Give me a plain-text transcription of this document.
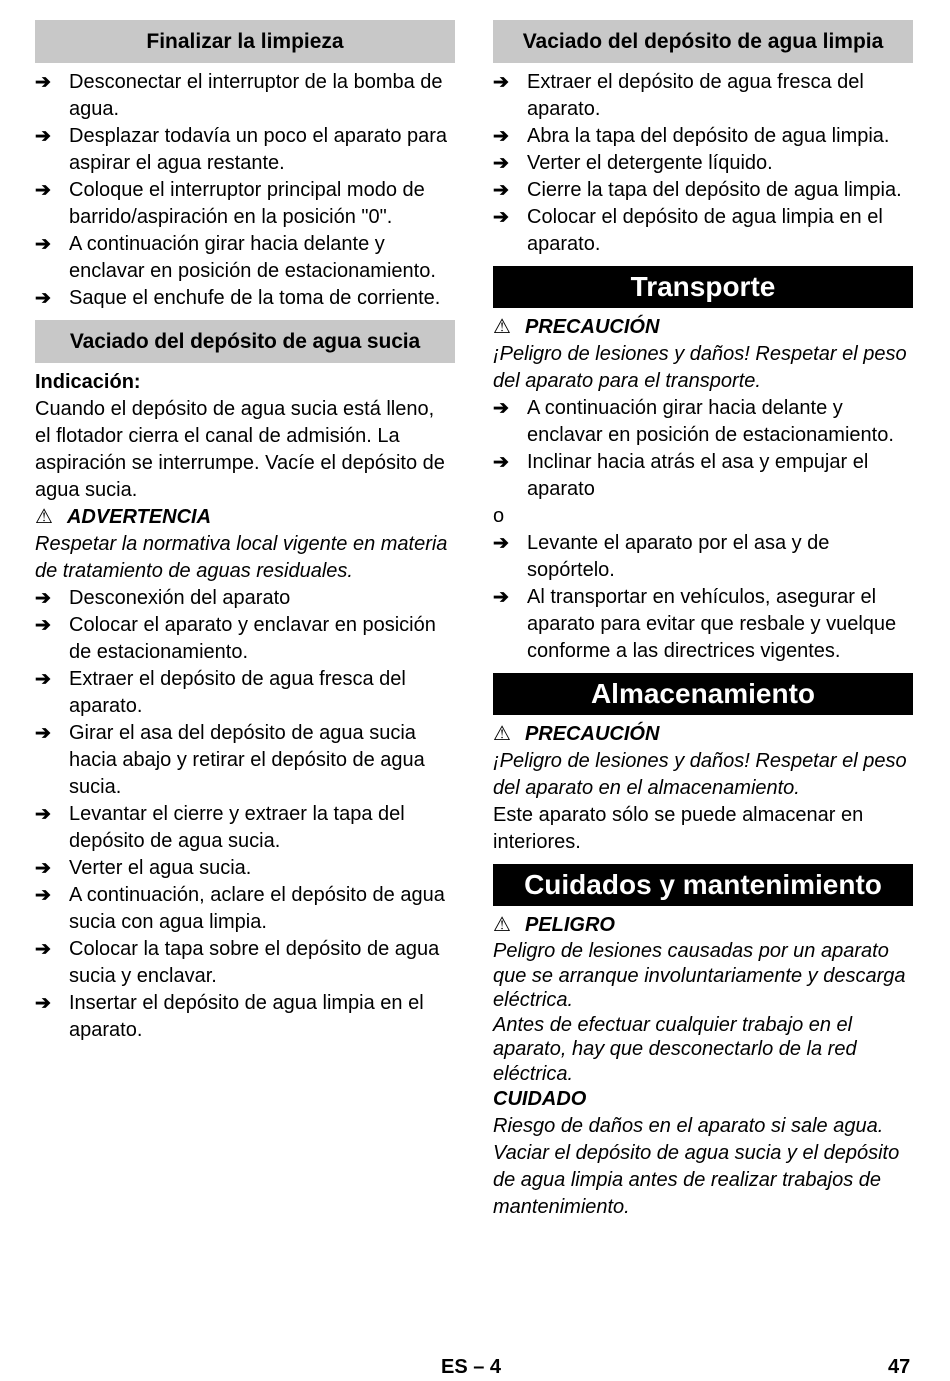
Finalizar la limpieza
➔ Desconectar el interruptor de la bomba de agua.
➔ Desplazar todavía un poco el aparato para aspirar el agua restante.
➔ Coloque el interruptor principal modo de barrido/aspiración en la posición "0".
➔ A continuación girar hacia delante y enclavar en posición de estacionamiento.
➔ Saque el enchufe de la toma de corriente.
Vaciado del depósito de agua sucia
Indicación:
Cuando el depósito de agua sucia está lleno, el flotador cierra el canal de admisión. La aspiración se interrumpe. Vacíe el depósito de agua sucia.
⚠ ADVERTENCIA
Respetar la normativa local vigente en materia de tratamiento de aguas residuales.
➔ Desconexión del aparato
➔ Colocar el aparato y enclavar en posición de estacionamiento.
➔ Extraer el depósito de agua fresca del aparato.
➔ Girar el asa del depósito de agua sucia hacia abajo y retirar el depósito de agua sucia.
➔ Levantar el cierre y extraer la tapa del depósito de agua sucia.
➔ Verter el agua sucia.
➔ A continuación, aclare el depósito de agua sucia con agua limpia.
➔ Colocar la tapa sobre el depósito de agua sucia y enclavar.
➔ Insertar el depósito de agua limpia en el aparato.
Vaciado del depósito de agua limpia
➔ Extraer el depósito de agua fresca del aparato.
➔ Abra la tapa del depósito de agua limpia.
➔ Verter el detergente líquido.
➔ Cierre la tapa del depósito de agua limpia.
➔ Colocar el depósito de agua limpia en el aparato.
Transporte
⚠ PRECAUCIÓN
¡Peligro de lesiones y daños! Respetar el peso del aparato para el transporte.
➔ A continuación girar hacia delante y enclavar en posición de estacionamiento.
➔ Inclinar hacia atrás el asa y empujar el aparato
o
➔ Levante el aparato por el asa y de sopórtelo.
➔ Al transportar en vehículos, asegurar el aparato para evitar que resbale y vuelque conforme a las directrices vigentes.
Almacenamiento
⚠ PRECAUCIÓN
¡Peligro de lesiones y daños! Respetar el peso del aparato en el almacenamiento.
Este aparato sólo se puede almacenar en interiores.
Cuidados y mantenimiento
⚠ PELIGRO
Peligro de lesiones causadas por un aparato que se arranque involuntariamente y descarga eléctrica.
Antes de efectuar cualquier trabajo en el aparato, hay que desconectarlo de la red eléctrica.
CUIDADO
Riesgo de daños en el aparato si sale agua. Vaciar el depósito de agua sucia y el depósito de agua limpia antes de realizar trabajos de mantenimiento.
ES – 4	47
